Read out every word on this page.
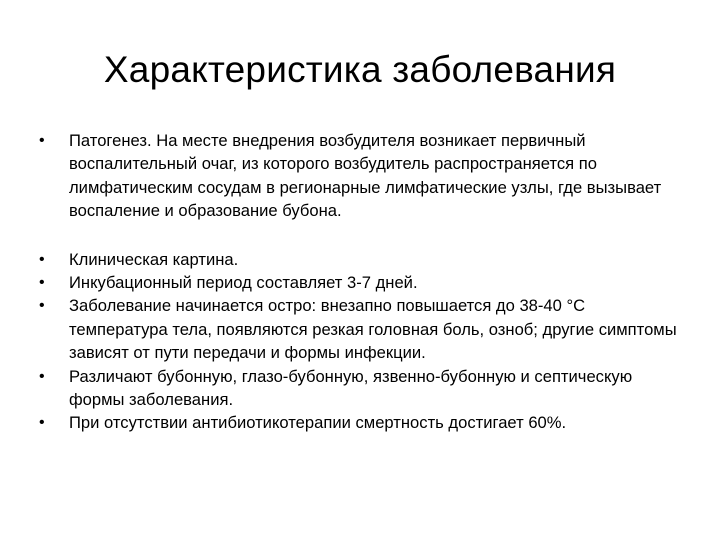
Характеристика заболевания
• Патогенез. На месте внедрения возбудителя возникает первичный воспалительный очаг, из которого возбудитель распространяется по лимфатическим сосудам в регионарные лимфатические узлы, где вызывает воспаление и образование бубона.
• Клиническая картина.
• Инкубационный период составляет 3-7 дней.
• Заболевание начинается остро: внезапно повышается до 38-40 °С температура тела, появляются резкая головная боль, озноб; другие симптомы зависят от пути передачи и формы инфекции.
• Различают бубонную, глазо-бубонную, язвенно-бубонную и септическую формы заболевания.
• При отсутствии антибиотикотерапии смертность достигает 60%.
